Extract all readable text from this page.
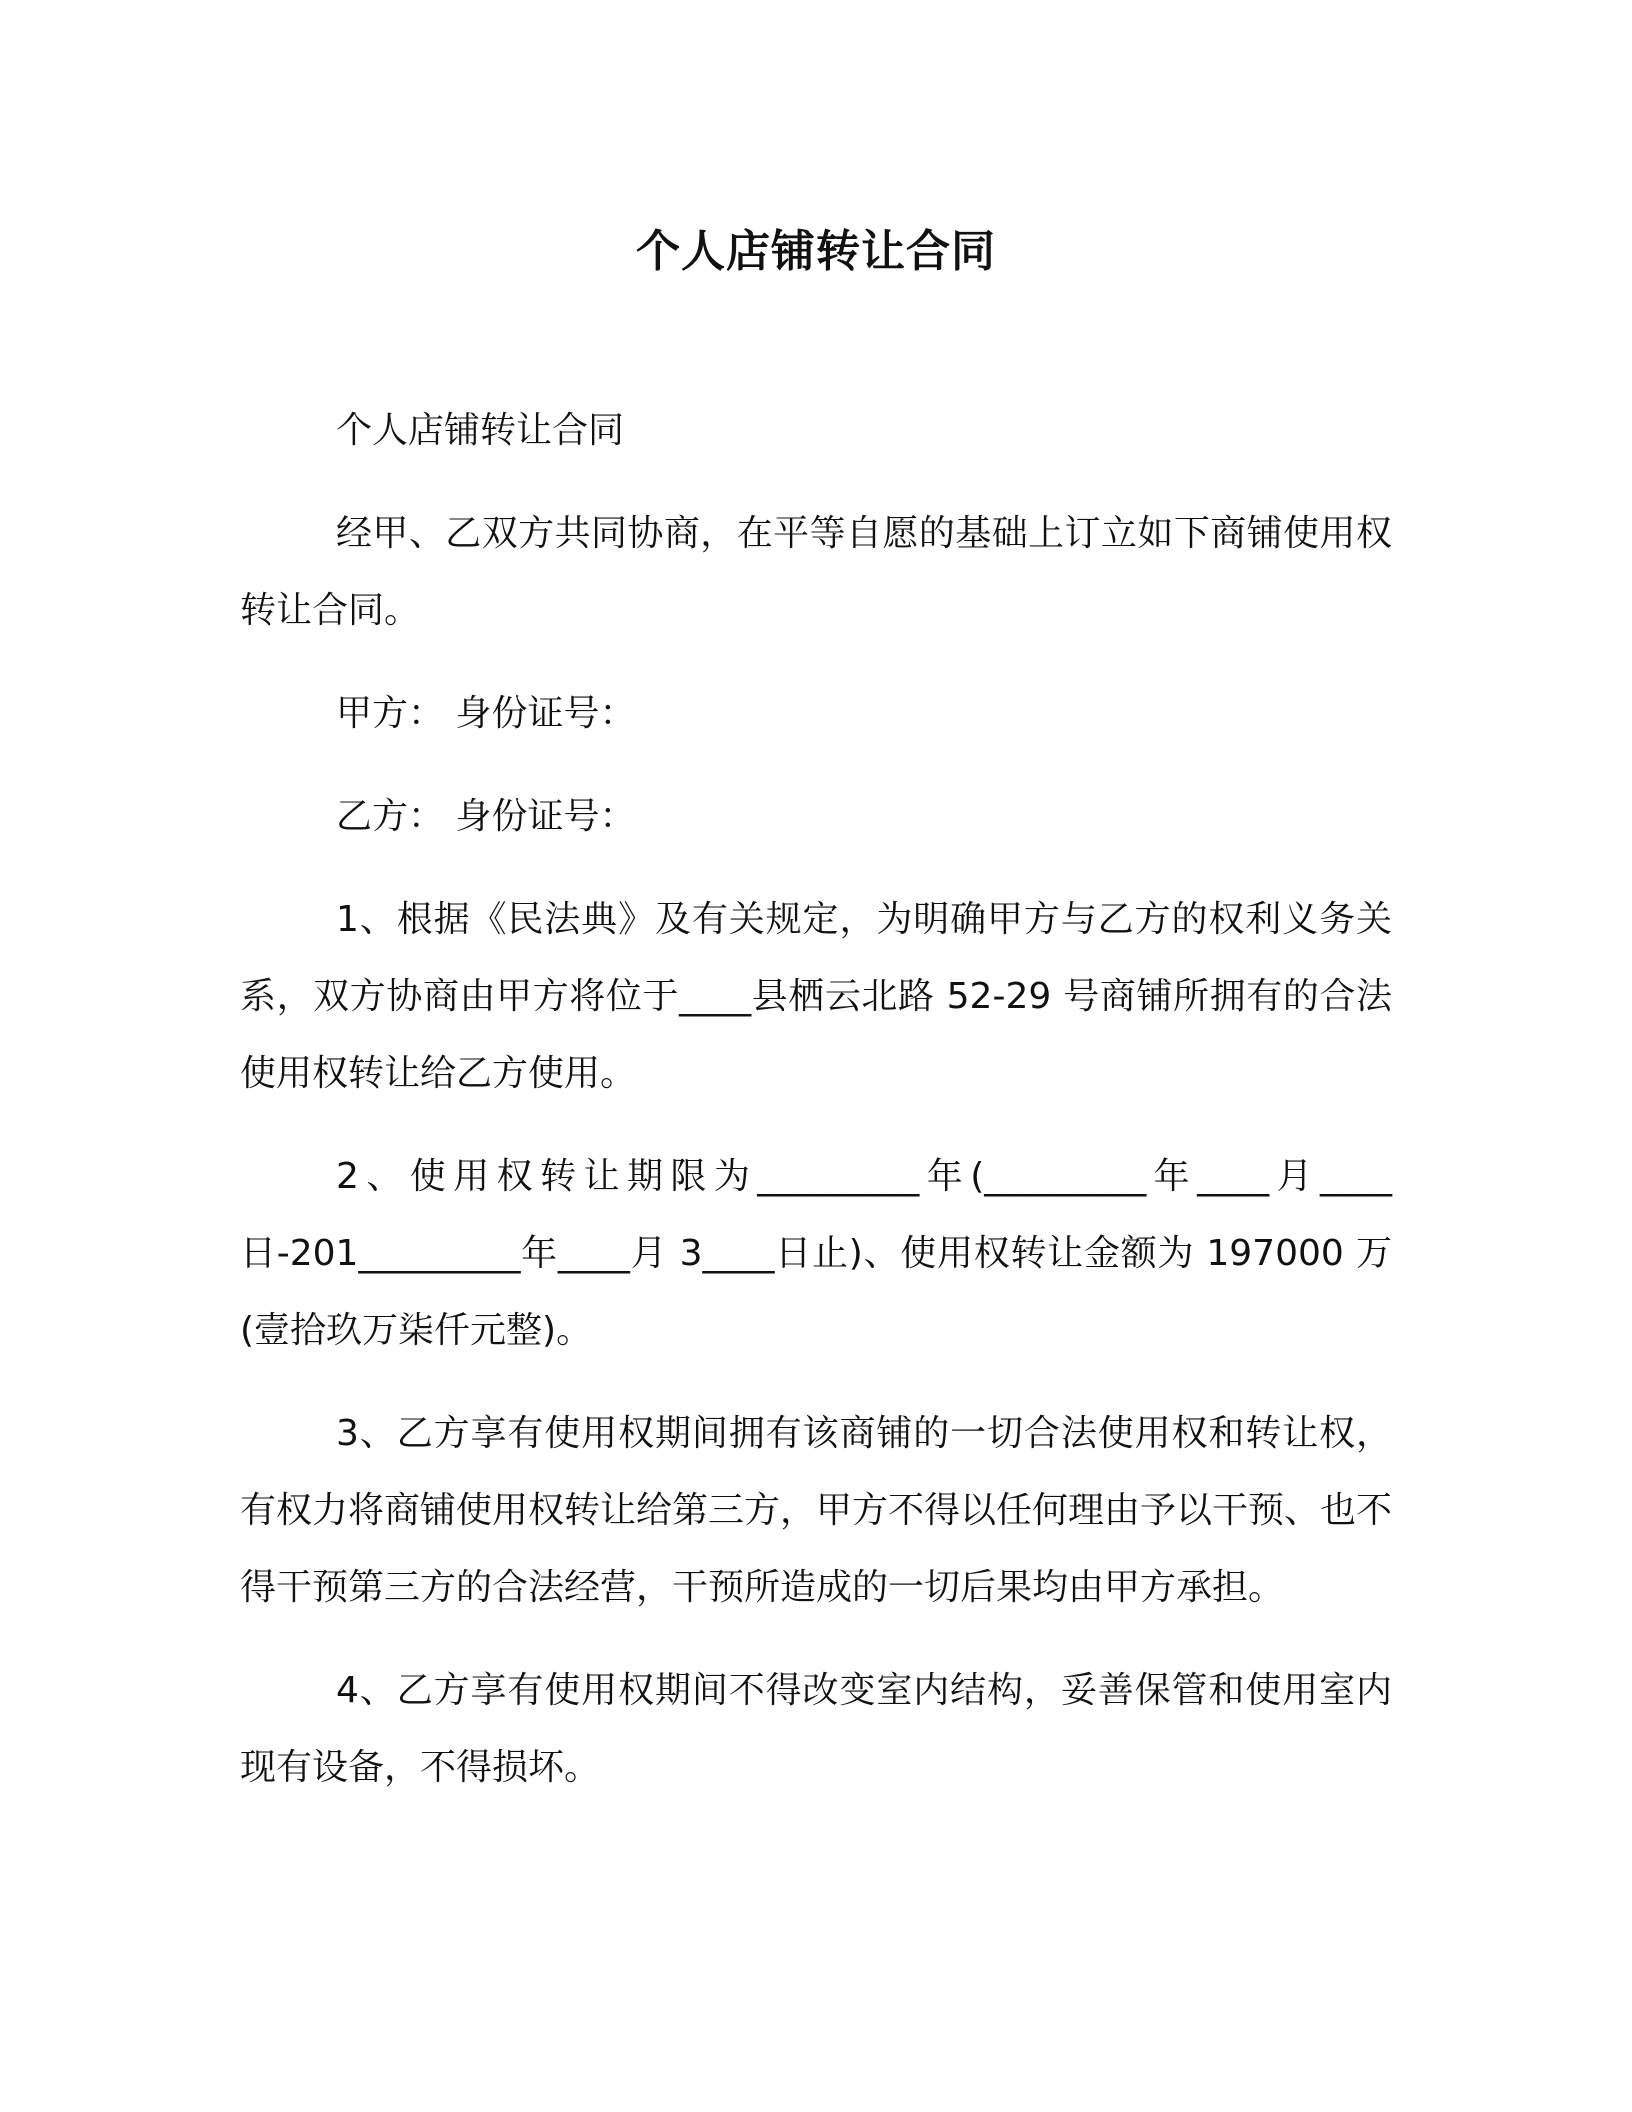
个人店铺转让合同

个人店铺转让合同

经甲、乙双方共同协商，在平等自愿的基础上订立如下商铺使用权转让合同。

甲方： 身份证号：

乙方： 身份证号：

1、根据《民法典》及有关规定，为明确甲方与乙方的权利义务关系，双方协商由甲方将位于____县栖云北路 52-29 号商铺所拥有的合法使用权转让给乙方使用。

2、使用权转让期限为_________年(_________年____月____日-201_________年____月 3____日止)、使用权转让金额为 197000 万(壹拾玖万柒仟元整)。

3、乙方享有使用权期间拥有该商铺的一切合法使用权和转让权，有权力将商铺使用权转让给第三方，甲方不得以任何理由予以干预、也不得干预第三方的合法经营，干预所造成的一切后果均由甲方承担。

4、乙方享有使用权期间不得改变室内结构，妥善保管和使用室内现有设备，不得损坏。
